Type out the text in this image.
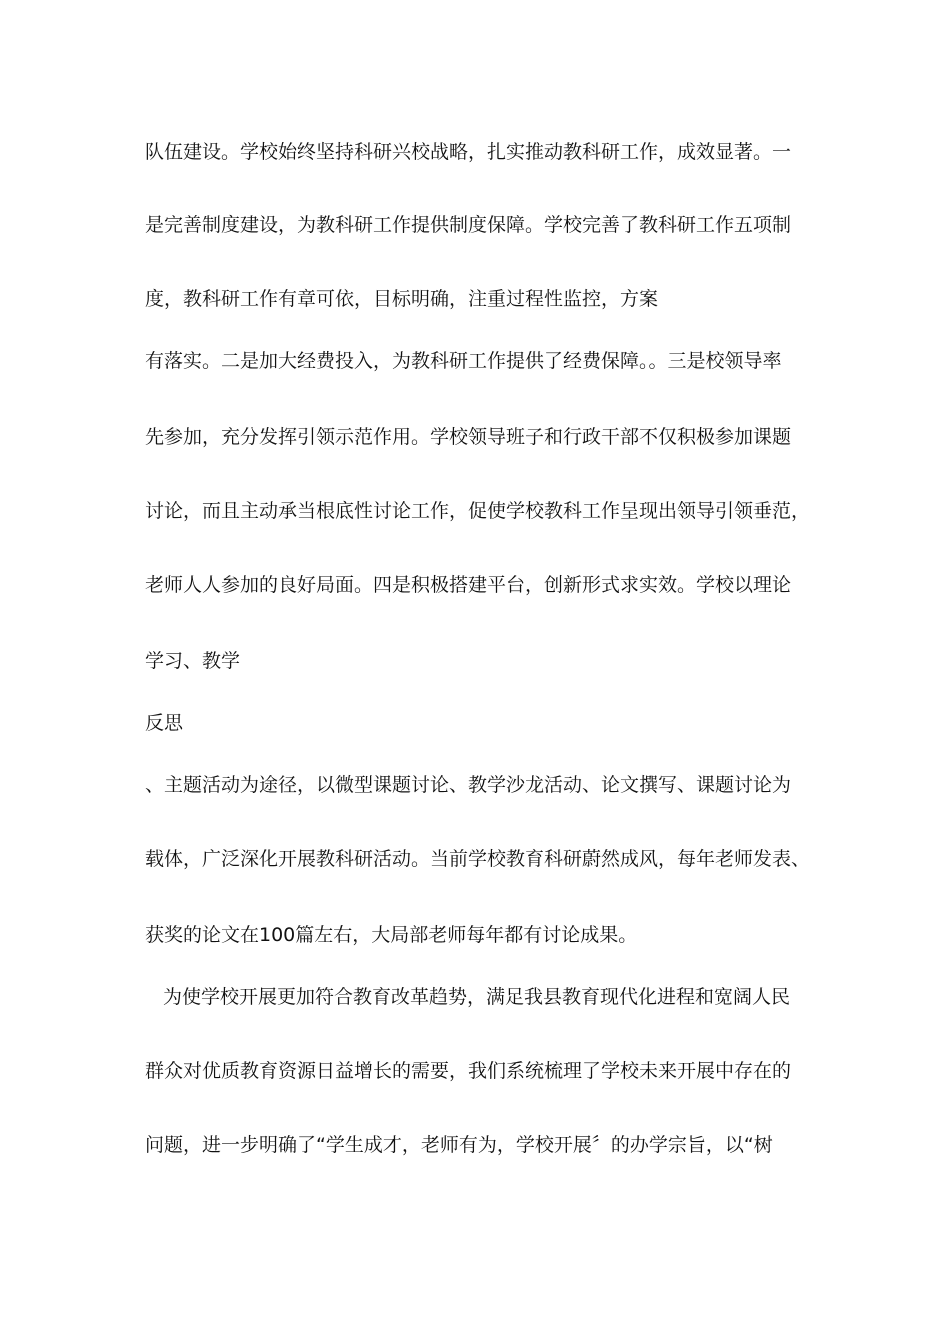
队伍建设。学校始终坚持科研兴校战略，扎实推动教科研工作，成效显著。一

是完善制度建设，为教科研工作提供制度保障。学校完善了教科研工作五项制

度，教科研工作有章可依，目标明确，注重过程性监控，方案

有落实。二是加大经费投入，为教科研工作提供了经费保障。。三是校领导率

先参加，充分发挥引领示范作用。学校领导班子和行政干部不仅积极参加课题

讨论，而且主动承当根底性讨论工作，促使学校教科工作呈现出领导引领垂范，

老师人人参加的良好局面。四是积极搭建平台，创新形式求实效。学校以理论

学习、教学

反思

、主题活动为途径，以微型课题讨论、教学沙龙活动、论文撰写、课题讨论为

载体，广泛深化开展教科研活动。当前学校教育科研蔚然成风，每年老师发表、

获奖的论文在100篇左右，大局部老师每年都有讨论成果。

为使学校开展更加符合教育改革趋势，满足我县教育现代化进程和宽阔人民

群众对优质教育资源日益增长的需要，我们系统梳理了学校未来开展中存在的

问题，进一步明确了“学生成才，老师有为，学校开展〞的办学宗旨，以“树
